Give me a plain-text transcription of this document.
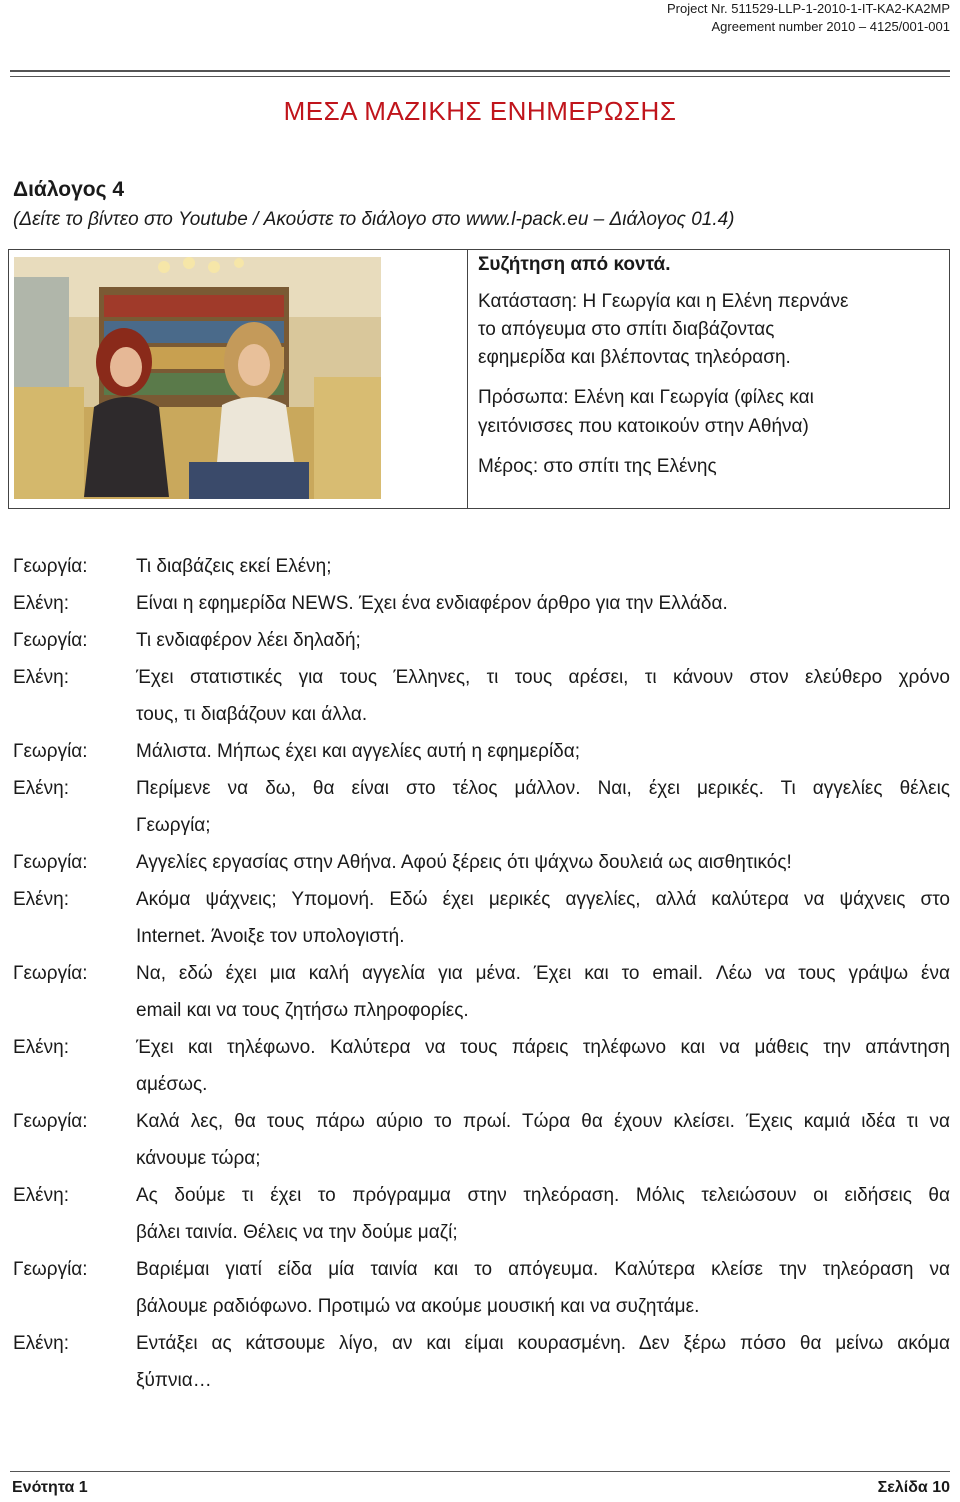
Project Nr. 511529-LLP-1-2010-1-IT-KA2-KA2MP
Agreement number 2010 – 4125/001-001
ΜΕΣΑ ΜΑΖΙΚΗΣ ΕΝΗΜΕΡΩΣΗΣ
Διάλογος 4
(Δείτε το βίντεο στο Youtube / Ακούστε το διάλογο στο www.l-pack.eu – Διάλογος 01.4)
Συζήτηση από κοντά.
Κατάσταση: Η Γεωργία και η Ελένη περνάνε
το απόγευμα στο σπίτι διαβάζοντας
εφημερίδα και βλέποντας τηλεόραση.
Πρόσωπα: Ελένη και Γεωργία (φίλες και
γειτόνισσες που κατοικούν στην Αθήνα)
Μέρος: στο σπίτι της Ελένης
Γεωργία:	Τι διαβάζεις εκεί Ελένη;
Ελένη:	Είναι η εφημερίδα NEWS. Έχει ένα ενδιαφέρον άρθρο για την Ελλάδα.
Γεωργία:	Τι ενδιαφέρον λέει δηλαδή;
Ελένη:	Έχει στατιστικές για τους Έλληνες, τι τους αρέσει, τι κάνουν στον ελεύθερο χρόνο
τους, τι διαβάζουν και άλλα.
Γεωργία:	Μάλιστα. Μήπως έχει και αγγελίες αυτή η εφημερίδα;
Ελένη:	Περίμενε να δω, θα είναι στο τέλος μάλλον. Ναι, έχει μερικές. Τι αγγελίες θέλεις
Γεωργία;
Γεωργία:	Αγγελίες εργασίας στην Αθήνα. Αφού ξέρεις ότι ψάχνω δουλειά ως αισθητικός!
Ελένη:	Ακόμα ψάχνεις; Υπομονή. Εδώ έχει μερικές αγγελίες, αλλά καλύτερα να ψάχνεις στο
Internet. Άνοιξε τον υπολογιστή.
Γεωργία:	Να, εδώ έχει μια καλή αγγελία για μένα. Έχει και το email. Λέω να τους γράψω ένα
email και να τους ζητήσω πληροφορίες.
Ελένη:	Έχει και τηλέφωνο. Καλύτερα να τους πάρεις τηλέφωνο και να μάθεις την απάντηση
αμέσως.
Γεωργία:	Καλά λες, θα τους πάρω αύριο το πρωί. Τώρα θα έχουν κλείσει. Έχεις καμιά ιδέα τι να
κάνουμε τώρα;
Ελένη:	Ας δούμε τι έχει το πρόγραμμα στην τηλεόραση. Μόλις τελειώσουν οι ειδήσεις θα
βάλει ταινία. Θέλεις να την δούμε μαζί;
Γεωργία:	Βαριέμαι γιατί είδα μία ταινία και το απόγευμα. Καλύτερα κλείσε την τηλεόραση να
βάλουμε ραδιόφωνο. Προτιμώ να ακούμε μουσική και να συζητάμε.
Ελένη:	Εντάξει ας κάτσουμε λίγο, αν και είμαι κουρασμένη. Δεν ξέρω πόσο θα μείνω ακόμα
ξύπνια…
Ενότητα 1	Σελίδα 10
